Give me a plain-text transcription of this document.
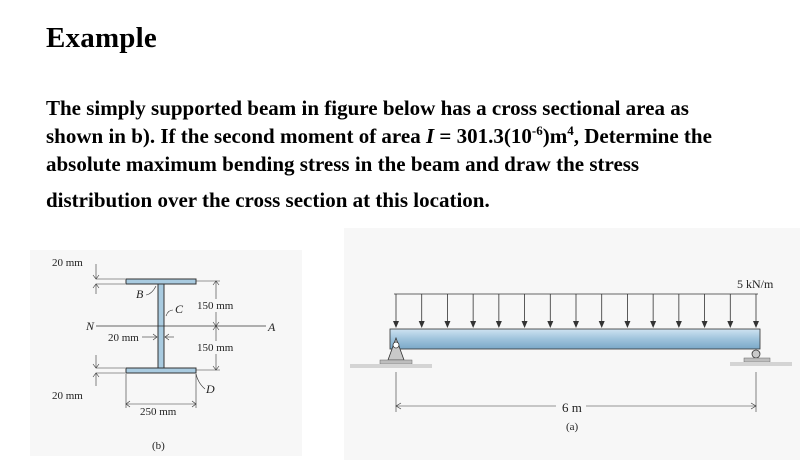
Example

The simply supported beam in figure below has a cross sectional area as

shown in b). If the second moment of area $I = 301.3(10^{-6})m^4$, Determine the

absolute maximum bending stress in the beam and draw the stress

distribution over the cross section at this location.

N	A
20 mm
B
C 150 mm
150 mm
20 mm
20 mm	D
250 mm
(b)
5 kN/m
6 m
(a)
